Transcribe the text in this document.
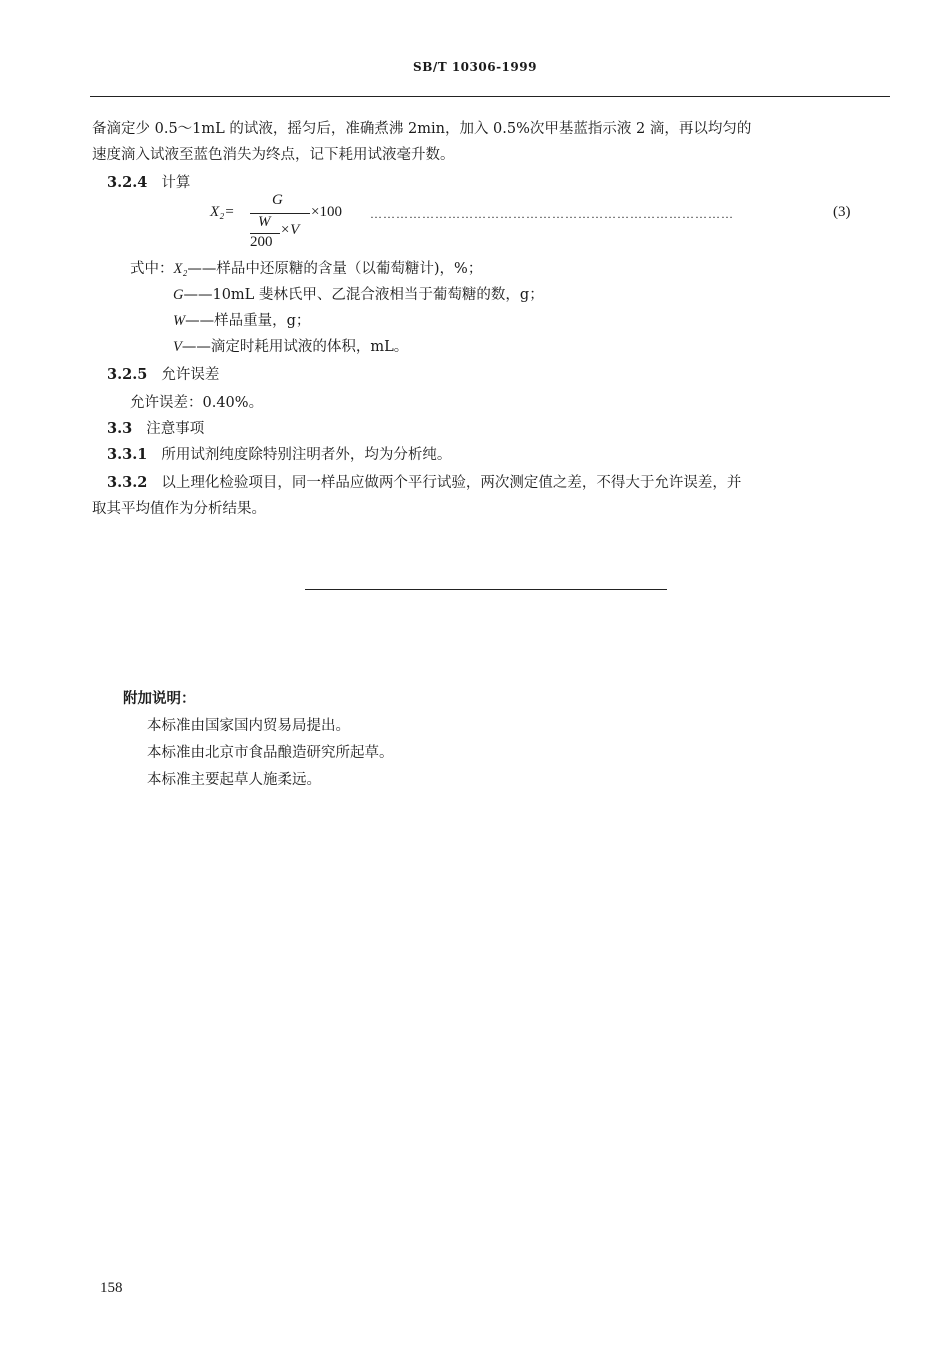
SB/T 10306-1999
备滴定少 0.5～1mL 的试液，摇匀后，准确煮沸 2min，加入 0.5%次甲基蓝指示液 2 滴，再以均匀的
速度滴入试液至蓝色消失为终点，记下耗用试液毫升数。
3.2.4 计算
X₂=
G
W
200
×V
×100 …………………………………………………………………………	(3)
式中：X₂——样品中还原糖的含量（以葡萄糖计)，%；
G——10mL 斐林氏甲、乙混合液相当于葡萄糖的数，g；
W——样品重量，g；
V——滴定时耗用试液的体积，mL。
3.2.5 允许误差
允许误差：0.40%。
3.3 注意事项
3.3.1 所用试剂纯度除特别注明者外，均为分析纯。
3.3.2 以上理化检验项目，同一样品应做两个平行试验，两次测定值之差，不得大于允许误差，并
取其平均值作为分析结果。
附加说明：
本标准由国家国内贸易局提出。
本标准由北京市食品酿造研究所起草。
本标准主要起草人施柔远。
158
